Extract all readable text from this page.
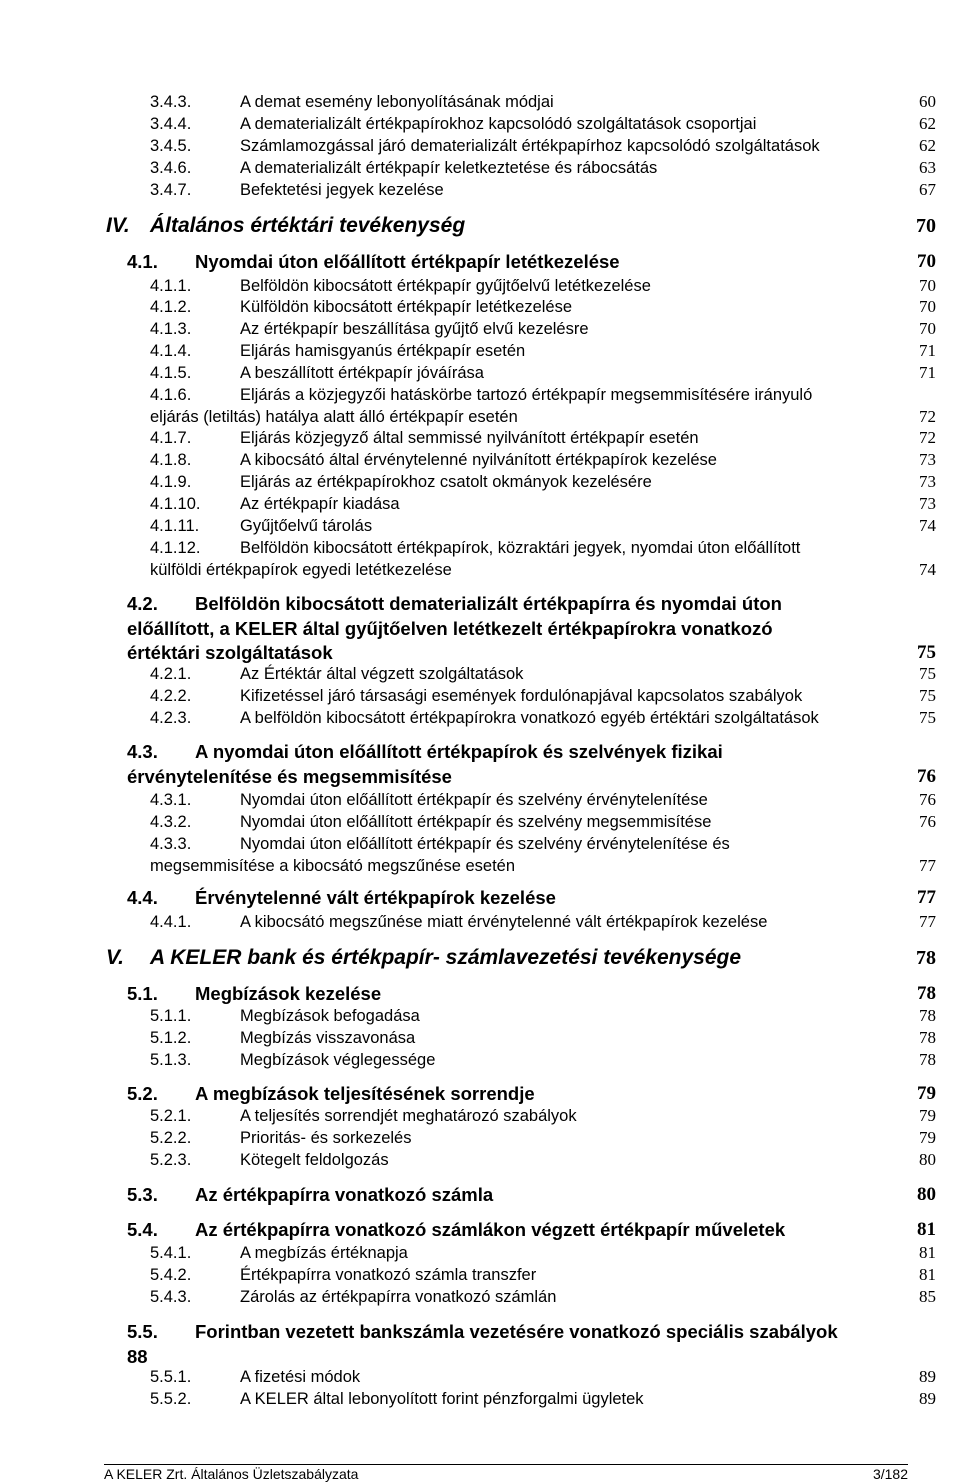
3.4.3.	A demat esemény lebonyolításának módjai	60
3.4.4.	A dematerializált értékpapírokhoz kapcsolódó szolgáltatások csoportjai	62
3.4.5.	Számlamozgással járó dematerializált értékpapírhoz kapcsolódó szolgáltatások	62
3.4.6.	A dematerializált értékpapír keletkeztetése és rábocsátás	63
3.4.7.	Befektetési jegyek kezelése	67
IV. Általános értéktári tevékenység	70
4.1. Nyomdai úton előállított értékpapír letétkezelése	70
4.1.1.	Belföldön kibocsátott értékpapír gyűjtőelvű letétkezelése	70
4.1.2.	Külföldön kibocsátott értékpapír letétkezelése	70
4.1.3.	Az értékpapír beszállítása gyűjtő elvű kezelésre	70
4.1.4.	Eljárás hamisgyanús értékpapír esetén	71
4.1.5.	A beszállított értékpapír jóváírása	71
4.1.6.	Eljárás a közjegyzői hatáskörbe tartozó értékpapír megsemmisítésére irányuló
eljárás (letiltás) hatálya alatt álló értékpapír esetén	72
4.1.7.	Eljárás közjegyző által semmissé nyilvánított értékpapír esetén	72
4.1.8.	A kibocsátó által érvénytelenné nyilvánított értékpapírok kezelése	73
4.1.9.	Eljárás az értékpapírokhoz csatolt okmányok kezelésére	73
4.1.10. Az értékpapír kiadása	73
4.1.11. Gyűjtőelvű tárolás	74
4.1.12. Belföldön kibocsátott értékpapírok, közraktári jegyek, nyomdai úton előállított
külföldi értékpapírok egyedi letétkezelése	74
4.2. Belföldön kibocsátott dematerializált értékpapírra és nyomdai úton
előállított, a KELER által gyűjtőelven letétkezelt értékpapírokra vonatkozó
értéktári szolgáltatások	75
4.2.1.	Az Értéktár által végzett szolgáltatások	75
4.2.2.	Kifizetéssel járó társasági események fordulónapjával kapcsolatos szabályok	75
4.2.3.	A belföldön kibocsátott értékpapírokra vonatkozó egyéb értéktári szolgáltatások	75
4.3. A nyomdai úton előállított értékpapírok és szelvények fizikai
érvénytelenítése és megsemmisítése	76
4.3.1.	Nyomdai úton előállított értékpapír és szelvény érvénytelenítése	76
4.3.2.	Nyomdai úton előállított értékpapír és szelvény megsemmisítése	76
4.3.3.	Nyomdai úton előállított értékpapír és szelvény érvénytelenítése és
megsemmisítése a kibocsátó megszűnése esetén	77
4.4. Érvénytelenné vált értékpapírok kezelése	77
4.4.1.	A kibocsátó megszűnése miatt érvénytelenné vált értékpapírok kezelése	77
V. A KELER bank és értékpapír- számlavezetési tevékenysége	78
5.1. Megbízások kezelése	78
5.1.1.	Megbízások befogadása	78
5.1.2.	Megbízás visszavonása	78
5.1.3.	Megbízások véglegessége	78
5.2. A megbízások teljesítésének sorrendje	79
5.2.1.	A teljesítés sorrendjét meghatározó szabályok	79
5.2.2.	Prioritás- és sorkezelés	79
5.2.3.	Kötegelt feldolgozás	80
5.3. Az értékpapírra vonatkozó számla	80
5.4. Az értékpapírra vonatkozó számlákon végzett értékpapír műveletek	81
5.4.1.	A megbízás értéknapja	81
5.4.2.	Értékpapírra vonatkozó számla transzfer	81
5.4.3.	Zárolás az értékpapírra vonatkozó számlán	85
5.5. Forintban vezetett bankszámla vezetésére vonatkozó speciális szabályok
88
5.5.1.	A fizetési módok	89
5.5.2.	A KELER által lebonyolított forint pénzforgalmi ügyletek	89
A KELER Zrt. Általános Üzletszabályzata	3/182
